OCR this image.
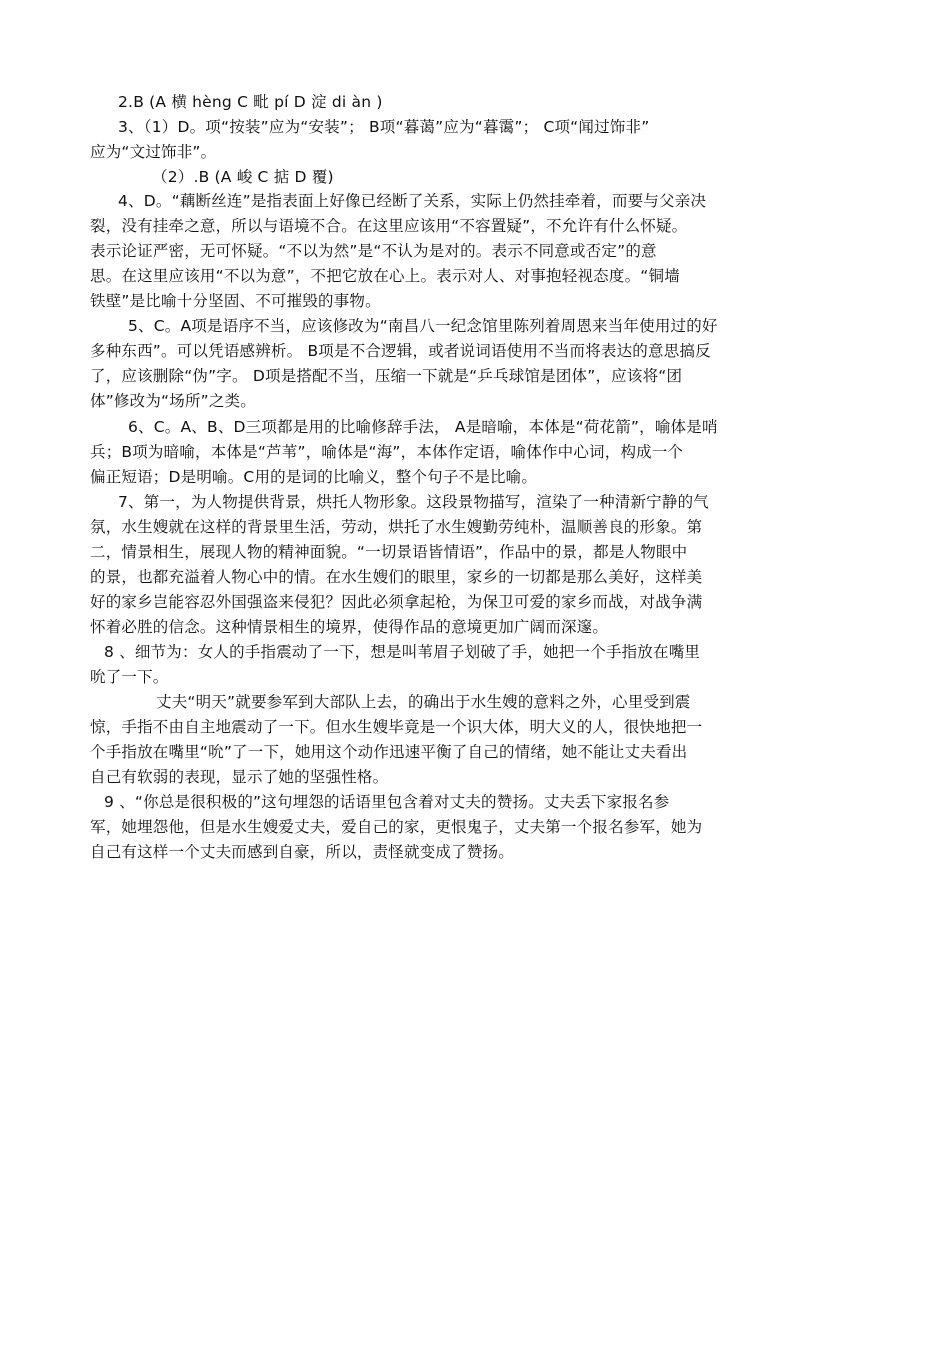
2.B (A 横 hèng C 毗 pí D 淀 di àn )
3、（1）D。项“按装”应为“安装”； B项“暮蔼”应为“暮霭”； C项“闻过饰非”
应为“文过饰非”。
（2）.B (A 峻 C 掂 D 覆)
4、D。“藕断丝连”是指表面上好像已经断了关系，实际上仍然挂牵着，而要与父亲决
裂，没有挂牵之意，所以与语境不合。在这里应该用“不容置疑”，不允许有什么怀疑。
表示论证严密，无可怀疑。“不以为然”是“不认为是对的。表示不同意或否定”的意
思。在这里应该用“不以为意”，不把它放在心上。表示对人、对事抱轻视态度。“铜墙
铁壁”是比喻十分坚固、不可摧毁的事物。
5、C。A项是语序不当，应该修改为“南昌八一纪念馆里陈列着周恩来当年使用过的好
多种东西”。可以凭语感辨析。 B项是不合逻辑，或者说词语使用不当而将表达的意思搞反
了，应该删除“伪”字。 D项是搭配不当，压缩一下就是“乒乓球馆是团体”，应该将“团
体”修改为“场所”之类。
6、C。A、B、D三项都是用的比喻修辞手法， A是暗喻，本体是“荷花箭”，喻体是哨
兵；B项为暗喻，本体是“芦苇”，喻体是“海”，本体作定语，喻体作中心词，构成一个
偏正短语；D是明喻。C用的是词的比喻义，整个句子不是比喻。
7、第一，为人物提供背景，烘托人物形象。这段景物描写，渲染了一种清新宁静的气
氛，水生嫂就在这样的背景里生活，劳动，烘托了水生嫂勤劳纯朴，温顺善良的形象。第
二，情景相生，展现人物的精神面貌。“一切景语皆情语”，作品中的景，都是人物眼中
的景，也都充溢着人物心中的情。在水生嫂们的眼里，家乡的一切都是那么美好，这样美
好的家乡岂能容忍外国强盗来侵犯？因此必须拿起枪，为保卫可爱的家乡而战，对战争满
怀着必胜的信念。这种情景相生的境界，使得作品的意境更加广阔而深邃。
8 、细节为：女人的手指震动了一下，想是叫苇眉子划破了手，她把一个手指放在嘴里
吮了一下。
丈夫“明天”就要参军到大部队上去，的确出于水生嫂的意料之外，心里受到震
惊，手指不由自主地震动了一下。但水生嫂毕竟是一个识大体，明大义的人，很快地把一
个手指放在嘴里“吮”了一下，她用这个动作迅速平衡了自己的情绪，她不能让丈夫看出
自己有软弱的表现，显示了她的坚强性格。
9 、“你总是很积极的”这句埋怨的话语里包含着对丈夫的赞扬。丈夫丢下家报名参
军，她埋怨他，但是水生嫂爱丈夫，爱自己的家，更恨鬼子，丈夫第一个报名参军，她为
自己有这样一个丈夫而感到自豪，所以，责怪就变成了赞扬。
